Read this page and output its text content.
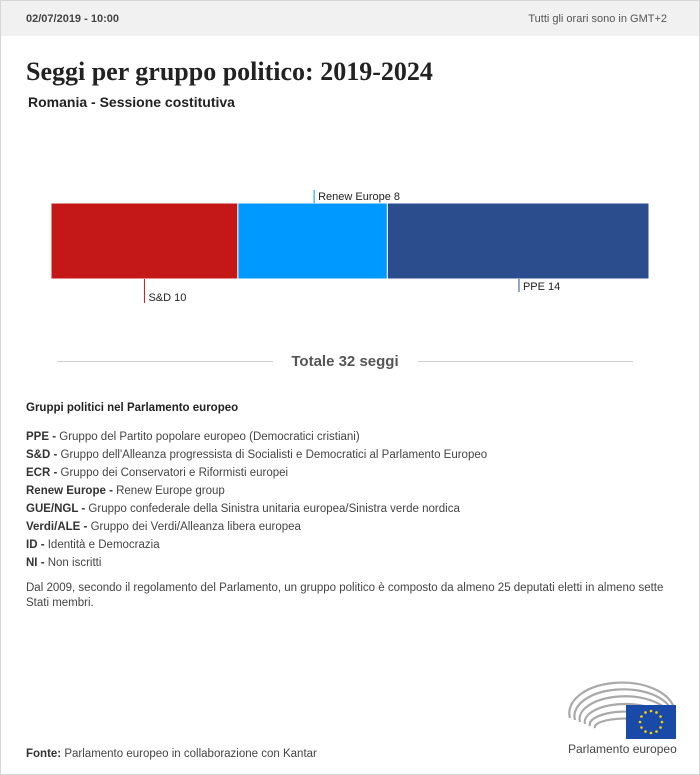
02/07/2019 - 10:00	Tutti gli orari sono in GMT+2
Seggi per gruppo politico: 2019-2024
Romania - Sessione costitutiva
S&D 10
Renew Europe 8
PPE 14
Totale 32 seggi
Gruppi politici nel Parlamento europeo
PPE - Gruppo del Partito popolare europeo (Democratici cristiani)
S&D - Gruppo dell'Alleanza progressista di Socialisti e Democratici al Parlamento Europeo
ECR - Gruppo dei Conservatori e Riformisti europei
Renew Europe - Renew Europe group
GUE/NGL - Gruppo confederale della Sinistra unitaria europea/Sinistra verde nordica
Verdi/ALE - Gruppo dei Verdi/Alleanza libera europea
ID - Identità e Democrazia
NI - Non iscritti

Dal 2009, secondo il regolamento del Parlamento, un gruppo politico è composto da almeno 25 deputati eletti in almeno sette Stati membri.

Fonte: Parlamento europeo in collaborazione con Kantar	Parlamento europeo
